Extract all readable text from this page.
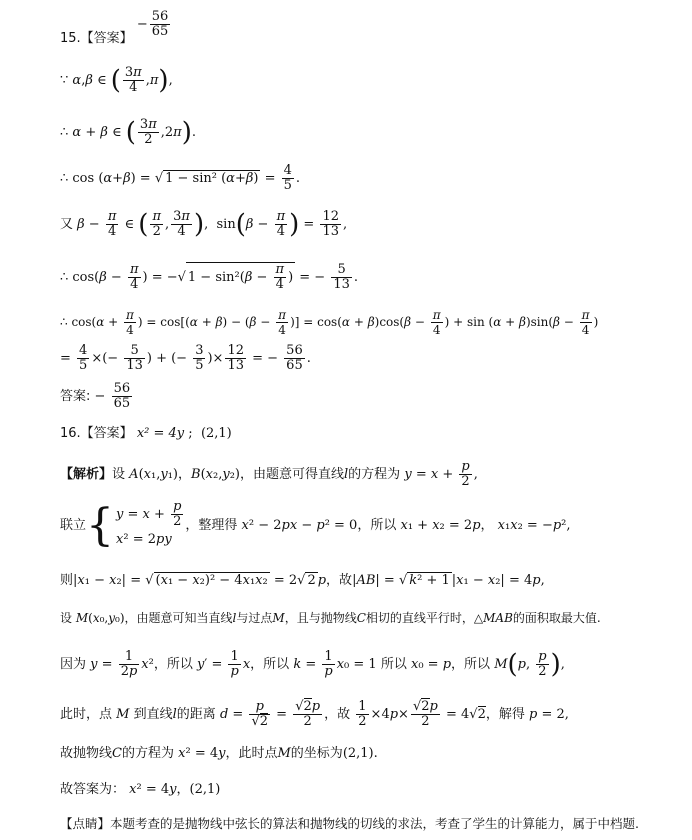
15.【答案】 − $\frac{56}{65}$
∵ α,β ∈ ( $\frac{3\pi}{4} ,\pi$),
∴ α + β ∈ ( $\frac{3\pi}{2} ,2\pi$).
∴ cos (α+β) = √ 1 − sin² $(\alpha+\beta) = \frac{4}{5}$ .
又 $\beta - \frac{\pi}{4}$ ∈ ( $\frac{\pi}{2}$ , $\frac{3\pi}{4}$ ),  $\sin(\beta - \frac{\pi}{4}$ ) = $\frac{12}{13}$ ,
∴ $\cos(\beta - \frac{\pi}{4}$ ) = −√ $1 - \sin^2(\beta - \frac{\pi}{4}$ ) = − $\frac{5}{13}$ .
∴ $\cos(\alpha + \frac{\pi}{4}$ ) = $\cos[(\alpha + \beta) - (\beta - \frac{\pi}{4}$ )] = $\cos(\alpha + \beta)\cos(\beta - \frac{\pi}{4}$ ) + $\sin (\alpha + \beta)\sin(\beta - \frac{\pi}{4}$ )
= $\frac{4}{5}$ ×(− $\frac{5}{13}$ ) + (− $\frac{3}{5}$ )× $\frac{12}{13}$ = − $\frac{56}{65}$ .
答案: − $\frac{56}{65}$
16.【答案】 x² = 4y ;  (2,1)
【解析】设 A(x₁,y₁)，B(x₂,y₂)，由题意可得直线l的方程为 $y = x + \frac{p}{2}$ ,
联立{ $y = x + \frac{p}{2}$
x² = 2py
，整理得 x² − 2px − p² = 0，所以 x₁ + x₂ = 2p， x₁x₂ = −p²,
则|x₁ − x₂| = √ (x₁ − x₂)² − 4x₁x₂ = 2√ 2 p，故|AB| = √ k² + 1 |x₁ − x₂| = 4p,
设 M(x₀,y₀)，由题意可知当直线l与过点M，且与抛物线C相切的直线平行时，△MAB的面积取最大值.
因为 $y = \frac{1}{2p} x^2$，所以 $y' = \frac{1}{p}$ x，所以 $k = \frac{1}{p} x_0 = 1$ 所以 x₀ = p，所以 M(p, $\frac{p}{2}$ ),
此时，点 M 到直线l的距离 $d = \frac{p}{√2} = \frac{√2p}{2}$ ，故 $\frac{1}{2} \times 4p\times \frac{√2p}{2} = 4√2$，解得 p = 2,
故抛物线C的方程为 x² = 4y，此时点M的坐标为(2,1).
故答案为： x² = 4y，(2,1)
【点睛】本题考查的是抛物线中弦长的算法和抛物线的切线的求法，考查了学生的计算能力，属于中档题.
